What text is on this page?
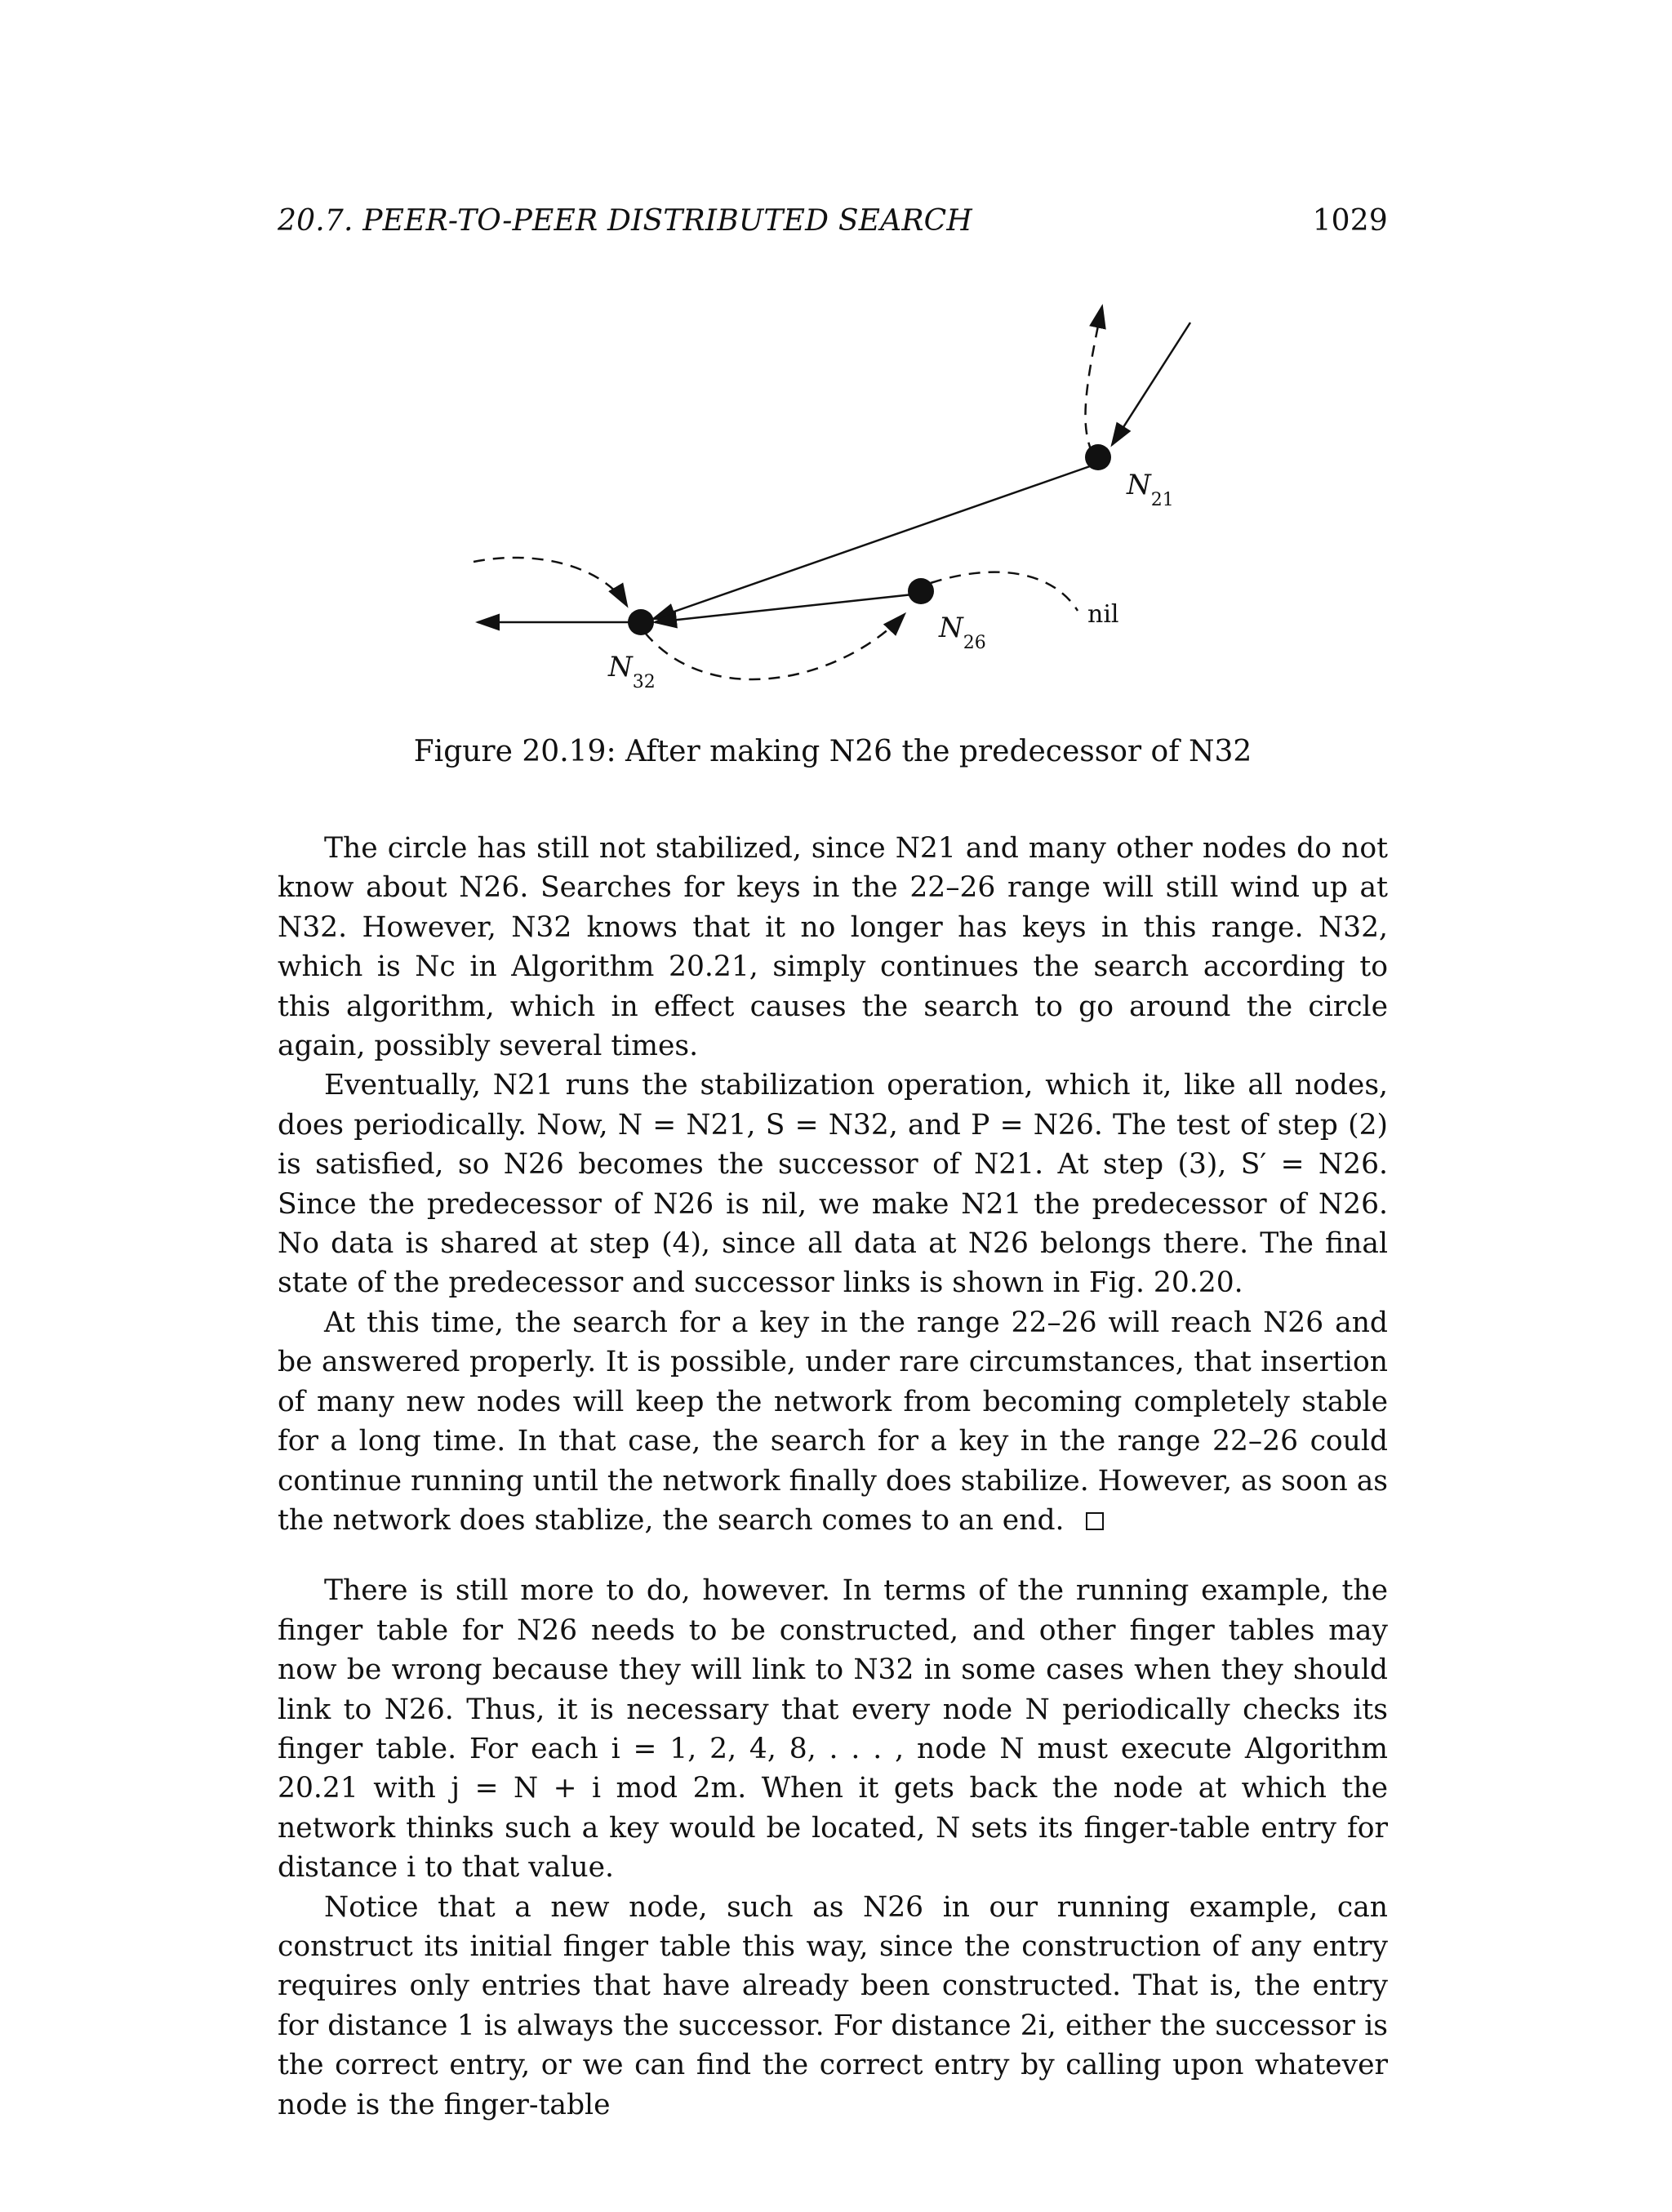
20.7. PEER-TO-PEER DISTRIBUTED SEARCH	1029
$N_{21}$
$N_{26}$
$N_{32}$
nil
Figure 20.19: After making N26 the predecessor of N32

The circle has still not stabilized, since N21 and many other nodes do not know about N26. Searches for keys in the 22–26 range will still wind up at N32. However, N32 knows that it no longer has keys in this range. N32, which is Nc in Algorithm 20.21, simply continues the search according to this algorithm, which in effect causes the search to go around the circle again, possibly several times.

Eventually, N21 runs the stabilization operation, which it, like all nodes, does periodically. Now, N = N21, S = N32, and P = N26. The test of step (2) is satisfied, so N26 becomes the successor of N21. At step (3), S′ = N26. Since the predecessor of N26 is nil, we make N21 the predecessor of N26. No data is shared at step (4), since all data at N26 belongs there. The final state of the predecessor and successor links is shown in Fig. 20.20.

At this time, the search for a key in the range 22–26 will reach N26 and be answered properly. It is possible, under rare circumstances, that insertion of many new nodes will keep the network from becoming completely stable for a long time. In that case, the search for a key in the range 22–26 could continue running until the network finally does stabilize. However, as soon as the network does stablize, the search comes to an end.

There is still more to do, however. In terms of the running example, the finger table for N26 needs to be constructed, and other finger tables may now be wrong because they will link to N32 in some cases when they should link to N26. Thus, it is necessary that every node N periodically checks its finger table. For each i = 1, 2, 4, 8, . . . , node N must execute Algorithm 20.21 with j = N + i mod 2m. When it gets back the node at which the network thinks such a key would be located, N sets its finger-table entry for distance i to that value.

Notice that a new node, such as N26 in our running example, can construct its initial finger table this way, since the construction of any entry requires only entries that have already been constructed. That is, the entry for distance 1 is always the successor. For distance 2i, either the successor is the correct entry, or we can find the correct entry by calling upon whatever node is the finger-table
